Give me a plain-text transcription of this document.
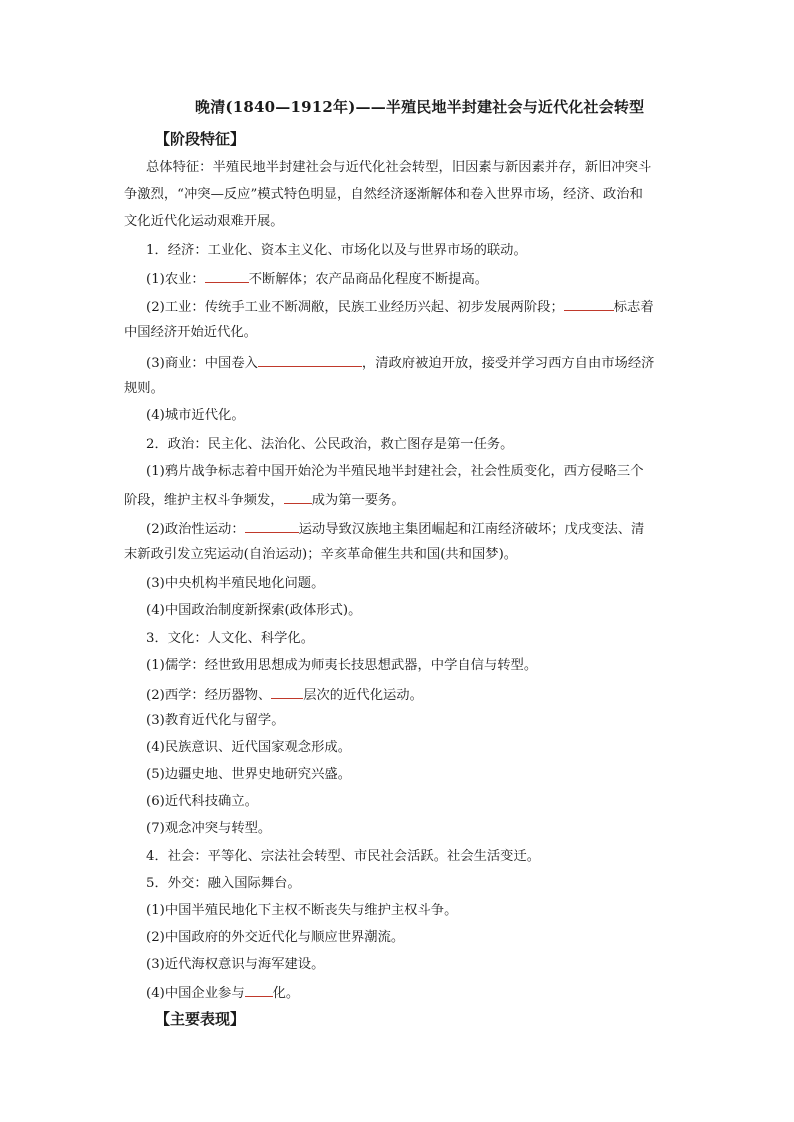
晚清(1840—1912年)——半殖民地半封建社会与近代化社会转型
【阶段特征】
总体特征：半殖民地半封建社会与近代化社会转型，旧因素与新因素并存，新旧冲突斗
争激烈，“冲突—反应”模式特色明显，自然经济逐渐解体和卷入世界市场，经济、政治和
文化近代化运动艰难开展。
1．经济：工业化、资本主义化、市场化以及与世界市场的联动。
(1)农业：	不断解体；农产品商品化程度不断提高。
(2)工业：传统手工业不断凋敝，民族工业经历兴起、初步发展两阶段；	标志着
中国经济开始近代化。
(3)商业：中国卷入	，清政府被迫开放，接受并学习西方自由市场经济
规则。
(4)城市近代化。
2．政治：民主化、法治化、公民政治，救亡图存是第一任务。
(1)鸦片战争标志着中国开始沦为半殖民地半封建社会，社会性质变化，西方侵略三个
阶段，维护主权斗争频发， 成为第一要务。
(2)政治性运动：	运动导致汉族地主集团崛起和江南经济破坏；戊戌变法、清
末新政引发立宪运动(自治运动)；辛亥革命催生共和国(共和国梦)。
(3)中央机构半殖民地化问题。
(4)中国政治制度新探索(政体形式)。
3．文化：人文化、科学化。
(1)儒学：经世致用思想成为师夷长技思想武器，中学自信与转型。
(2)西学：经历器物、 层次的近代化运动。
(3)教育近代化与留学。
(4)民族意识、近代国家观念形成。
(5)边疆史地、世界史地研究兴盛。
(6)近代科技确立。
(7)观念冲突与转型。
4．社会：平等化、宗法社会转型、市民社会活跃。社会生活变迁。
5．外交：融入国际舞台。
(1)中国半殖民地化下主权不断丧失与维护主权斗争。
(2)中国政府的外交近代化与顺应世界潮流。
(3)近代海权意识与海军建设。
(4)中国企业参与 化。
【主要表现】
